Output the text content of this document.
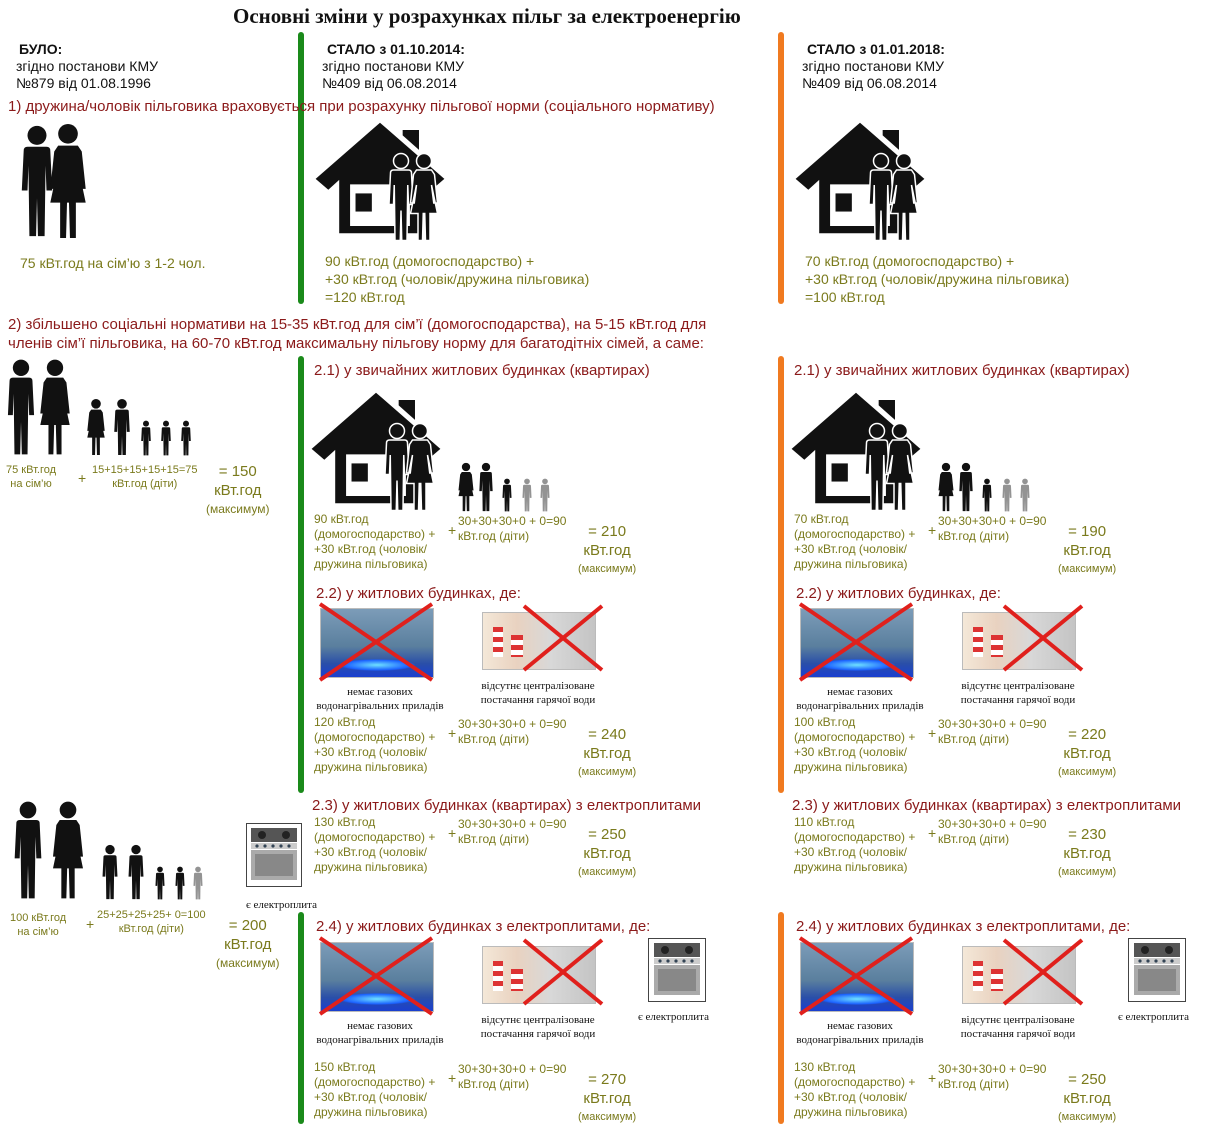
Основні зміни у розрахунках пільг за електроенергію
БУЛО:
згідно постанови КМУ
№879 від 01.08.1996
СТАЛО з 01.10.2014:
згідно постанови КМУ
№409 від 06.08.2014
СТАЛО з 01.01.2018:
згідно постанови КМУ
№409 від 06.08.2014
1) дружина/чоловік пільговика враховується при розрахунку пільгової норми (соціального нормативу)
75 кВт.год на сім’ю з 1-2 чол.	90 кВт.год (домогосподарство) +
+30 кВт.год (чоловік/дружина пільговика)
=120 кВт.год
70 кВт.год (домогосподарство) +
+30 кВт.год (чоловік/дружина пільговика)
=100 кВт.год
2) збільшено соціальні нормативи на 15-35 кВт.год для сім’ї (домогосподарства), на 5-15 кВт.год для
членів сім’ї пільговика, на 60-70 кВт.год максимальну пільгову норму для багатодітніх сімей, а саме:
75 кВт.год
на сім’ю	+ 15+15+15+15+15=75
кВт.год (діти)
= 150
кВт.год
(максимум)
є електроплита
100 кВт.год
на сім’ю	+
25+25+25+25+ 0=100
кВт.год (діти)	= 200
кВт.год
(максимум)
2.1) у звичайних житлових будинках (квартирах)
90 кВт.год
(домогосподарство) +
+30 кВт.год (чоловік/
дружина пільговика)
+
30+30+30+0 + 0=90
кВт.год (діти)	= 210
кВт.год
(максимум)
2.2) у житлових будинках, де:
немає газових
водонагрівальних приладів
відсутнє централізоване
постачання гарячої води
120 кВт.год
(домогосподарство) +
+30 кВт.год (чоловік/
дружина пільговика)
+
30+30+30+0 + 0=90
кВт.год (діти)	= 240
кВт.год
(максимум)
2.3) у житлових будинках (квартирах) з електроплитами
130 кВт.год
(домогосподарство) +
+30 кВт.год (чоловік/
дружина пільговика)
+
30+30+30+0 + 0=90
кВт.год (діти)	= 250
кВт.год
(максимум)
2.4) у житлових будинках з електроплитами, де:
немає газових
водонагрівальних приладів
відсутнє централізоване
постачання гарячої води
є електроплита
150 кВт.год
(домогосподарство) +
+30 кВт.год (чоловік/
дружина пільговика)
+
30+30+30+0 + 0=90
кВт.год (діти)	= 270
кВт.год
(максимум)
2.1) у звичайних житлових будинках (квартирах)
70 кВт.год
(домогосподарство) +
+30 кВт.год (чоловік/
дружина пільговика)
+
30+30+30+0 + 0=90
кВт.год (діти)	= 190
кВт.год
(максимум)
2.2) у житлових будинках, де:
немає газових
водонагрівальних приладів
відсутнє централізоване
постачання гарячої води
100 кВт.год
(домогосподарство) +
+30 кВт.год (чоловік/
дружина пільговика)
+
30+30+30+0 + 0=90
кВт.год (діти)	= 220
кВт.год
(максимум)
2.3) у житлових будинках (квартирах) з електроплитами
110 кВт.год
(домогосподарство) +
+30 кВт.год (чоловік/
дружина пільговика)
+
30+30+30+0 + 0=90
кВт.год (діти)	= 230
кВт.год
(максимум)
2.4) у житлових будинках з електроплитами, де:
немає газових
водонагрівальних приладів
відсутнє централізоване
постачання гарячої води
є електроплита
130 кВт.год
(домогосподарство) +
+30 кВт.год (чоловік/
дружина пільговика)
+
30+30+30+0 + 0=90
кВт.год (діти)	= 250
кВт.год
(максимум)
